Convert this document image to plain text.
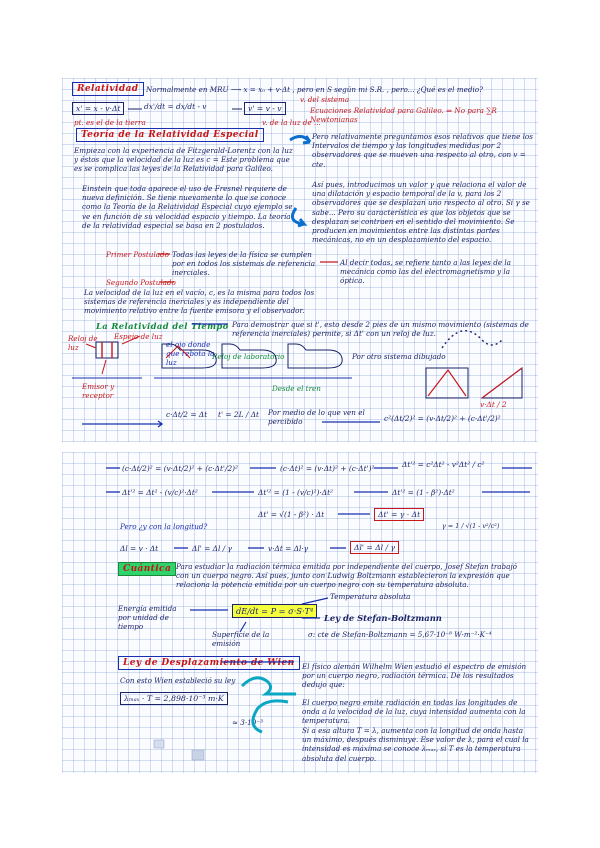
Relatividad	Normalmente en MRU ⟶ x = x₀ + v·Δt , pero en S según mi S.R. , pero... ¿Qué es el medio?

x' = x - v·Δt	dx'/dt = dx/dt - v	v' = v - v

v. del sistema

Ecuaciones Relatividad para Galileo. ⇒ No para ∑R Newtonianas

pt. es el de la tierra	v. de la luz de ...

Teoría de la Relatividad Especial

Empieza con la experiencia de Fitzgerald-Lorentz con la luz y éstos que la velocidad de la luz es c = Este problema que es se complica las leyes de la Relatividad para Galileo.

Pero relativamente preguntamos esos relativos que tiene los Intervalos de tiempo y las longitudes medidas por 2 observadores que se mueven una respecto al otro, con v = cte.

Einstein que toda aparece el uso de Fresnel requiere de nueva definición. Se tiene nuevamente lo que se conoce como la Teoría de la Relatividad Especial cuyo ejemplo se ve en función de su velocidad espacio y tiempo. La teoría de la relatividad especial se basa en 2 postulados.

Así pues, introducimos un valor γ que relaciona el valor de una dilatación y espacio temporal de la v, para los 2 observadores que se desplazan uno respecto al otro. Si γ se sabe... Pero su característica es que los objetos que se desplazan se contraen en el sentido del movimiento. Se producen en movimientos entre las distintas partes mecánicas, no en un desplazamiento del espacio.

Primer Postulado Todas las leyes de la física se cumplen por en todos los sistemas de referencia inerciales.

Segundo Postulado

La velocidad de la luz en el vacío, c, es la misma para todos los sistemas de referencia inerciales y es independiente del movimiento relativo entre la fuente emisora y el observador.

Al decir todas, se refiere tanto a las leyes de la mecánica como las del electromagnetismo y la óptica.

La Relatividad del Tiempo Para demostrar que si t', esto desde 2 pies de un mismo movimiento (sistemas de referencia inerciales) permite, si Δt' con un reloj de luz.

Reloj de luz

Espejo de luz

el ojo donde que rebota la luz

Reloj de laboratorio	Por otro sistema dibujado

Emisor y receptor

Desde el tren

c·Δt/2 = Δt t' = 2L / Δt Por medio de lo que ven el percibido	c²(Δt/2)² = (v·Δt/2)² + (c·Δt'/2)²
v·Δt / 2
(c·Δt/2)² = (v·Δt/2)² + (c·Δt'/2)²	(c·Δt)² = (v·Δt)² + (c·Δt')²	Δt'² = c²Δt² - v²Δt² / c²
Δt'² = Δt² - (v/c)²·Δt²	Δt'² = (1 - (v/c)²)·Δt²	Δt'² = (1 - β²)·Δt²
Δt' = √(1 - β²) · Δt	Δt' = γ · Δt
γ = 1 / √(1 - v²/c²)

Pero ¿y con la longitud?

Δl = v · Δt	Δl' = Δl / γ	v·Δt = Δl·γ	Δl' = Δl / γ
Cuántica Para estudiar la radiación térmica emitida por independiente del cuerpo, Josef Stefan trabajó con un cuerpo negro. Así pues, junto con Ludwig Boltzmann establecieron la expresión que relaciona la potencia emitida por un cuerpo negro con su temperatura absoluta.

Energía emitida por unidad de tiempo

dE/dt = P = σ·S·T⁴

Temperatura absoluta

Ley de Stefan-Boltzmann

σ: cte de Stefan-Boltzmann = 5,67·10⁻⁸ W·m⁻²·K⁻⁴

Superficie de la emisión

Ley de Desplazamiento de Wien

Con esto Wien estableció su ley

λₘₐₓ · T = 2,898·10⁻³ m·K

≈ 3·10⁻³

El físico alemán Wilhelm Wien estudió el espectro de emisión por un cuerpo negro, radiación térmica. De los resultados dedujo que:

El cuerpo negro emite radiación en todas las longitudes de onda a la velocidad de la luz, cuya intensidad aumenta con la temperatura.

Si a esa altura T = λ, aumenta con la longitud de onda hasta un máximo, después disminuye. Ese valor de λ, para el cual la intensidad es máxima se conoce λₘₐₓ, si T es la temperatura absoluta del cuerpo.
